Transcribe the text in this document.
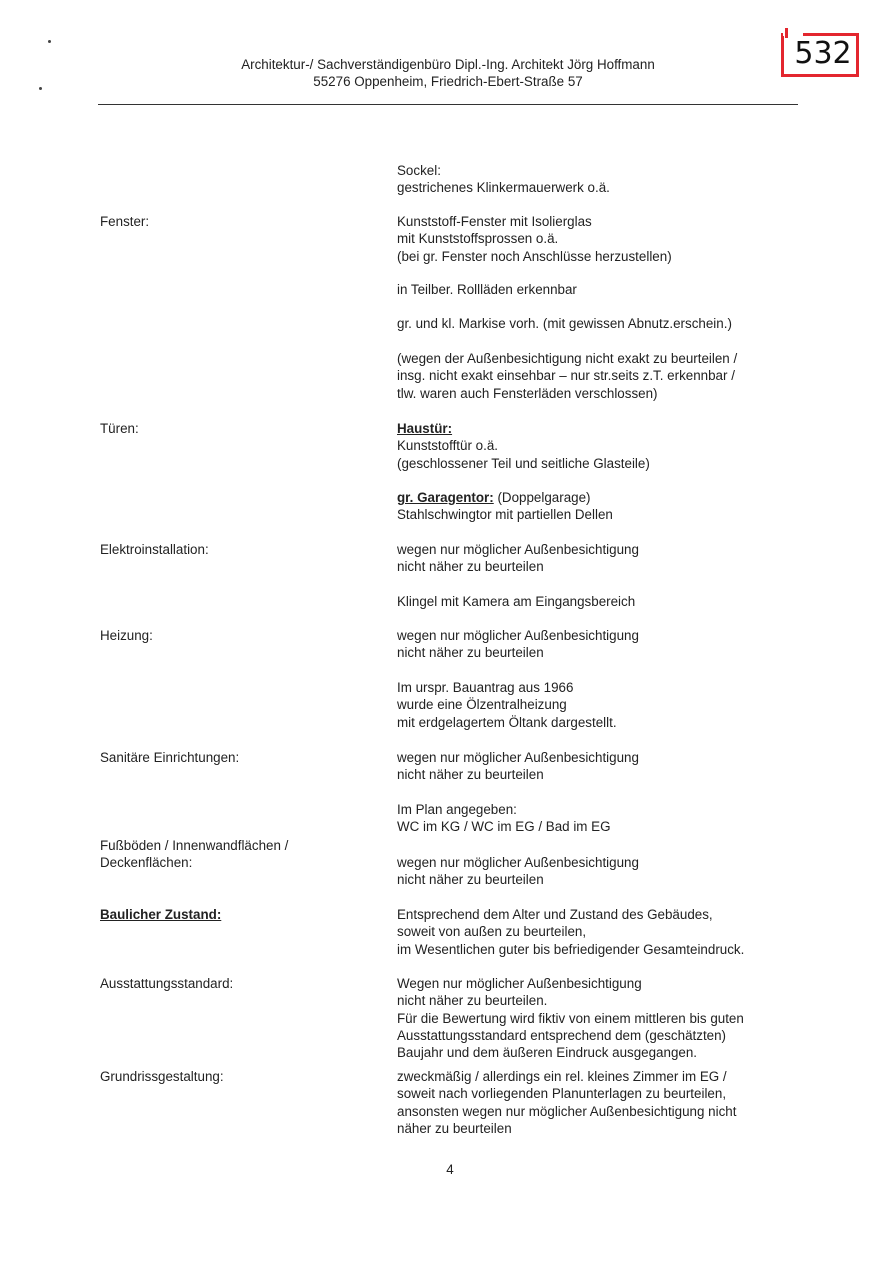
Architektur-/ Sachverständigenbüro Dipl.-Ing. Architekt Jörg Hoffmann
55276 Oppenheim, Friedrich-Ebert-Straße 57
532
Sockel:
gestrichenes Klinkermauerwerk o.ä.
Fenster:	Kunststoff-Fenster mit Isolierglas
mit Kunststoffsprossen o.ä.
(bei gr. Fenster noch Anschlüsse herzustellen)
in Teilber. Rollläden erkennbar
gr. und kl. Markise vorh. (mit gewissen Abnutz.erschein.)
(wegen der Außenbesichtigung nicht exakt zu beurteilen /
insg. nicht exakt einsehbar – nur str.seits z.T. erkennbar /
tlw. waren auch Fensterläden verschlossen)
Türen:	Haustür:
Kunststofftür o.ä.
(geschlossener Teil und seitliche Glasteile)
gr. Garagentor: (Doppelgarage)
Stahlschwingtor mit partiellen Dellen
Elektroinstallation:	wegen nur möglicher Außenbesichtigung
nicht näher zu beurteilen
Klingel mit Kamera am Eingangsbereich
Heizung:	wegen nur möglicher Außenbesichtigung
nicht näher zu beurteilen
Im urspr. Bauantrag aus 1966
wurde eine Ölzentralheizung
mit erdgelagertem Öltank dargestellt.
Sanitäre Einrichtungen:	wegen nur möglicher Außenbesichtigung
nicht näher zu beurteilen
Im Plan angegeben:
WC im KG / WC im EG / Bad im EG
Fußböden / Innenwandflächen /
Deckenflächen:	wegen nur möglicher Außenbesichtigung
nicht näher zu beurteilen
Baulicher Zustand:	Entsprechend dem Alter und Zustand des Gebäudes,
soweit von außen zu beurteilen,
im Wesentlichen guter bis befriedigender Gesamteindruck.
Ausstattungsstandard:	Wegen nur möglicher Außenbesichtigung
nicht näher zu beurteilen.
Für die Bewertung wird fiktiv von einem mittleren bis guten
Ausstattungsstandard entsprechend dem (geschätzten)
Baujahr und dem äußeren Eindruck ausgegangen.
Grundrissgestaltung:	zweckmäßig / allerdings ein rel. kleines Zimmer im EG /
soweit nach vorliegenden Planunterlagen zu beurteilen,
ansonsten wegen nur möglicher Außenbesichtigung nicht
näher zu beurteilen
4
